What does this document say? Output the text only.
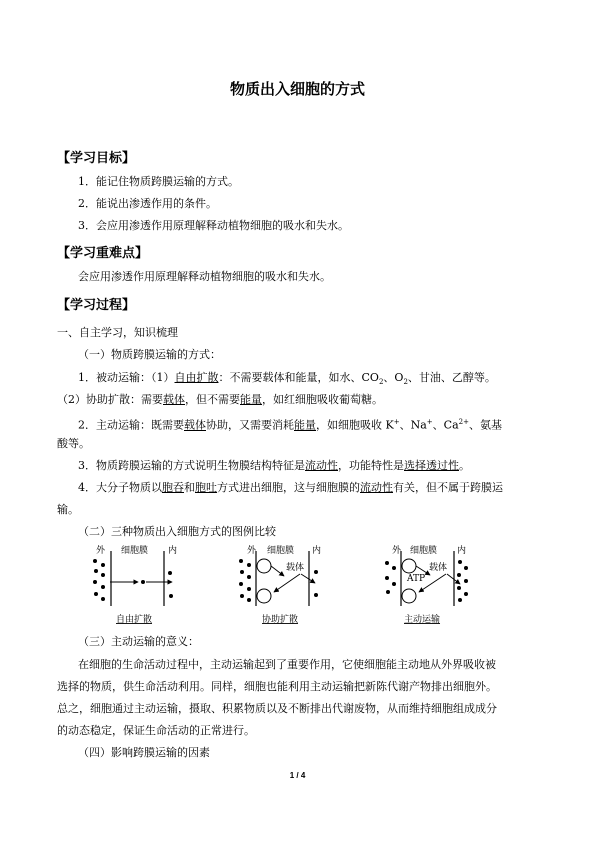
物质出入细胞的方式
【学习目标】
1．能记住物质跨膜运输的方式。
2．能说出渗透作用的条件。
3．会应用渗透作用原理解释动植物细胞的吸水和失水。
【学习重难点】
会应用渗透作用原理解释动植物细胞的吸水和失水。
【学习过程】
一、自主学习，知识梳理
（一）物质跨膜运输的方式：
1．被动运输：（1）自由扩散：不需要载体和能量，如水、$CO_2$、$O_2$、甘油、乙醇等。
（2）协助扩散：需要载体，但不需要能量，如红细胞吸收葡萄糖。
2．主动运输：既需要载体协助，又需要消耗能量，如细胞吸收 K+、Na+、$Ca^{2+}$、氨基
酸等。
3．物质跨膜运输的方式说明生物膜结构特征是流动性，功能特性是选择透过性。
4．大分子物质以胞吞和胞吐方式进出细胞，这与细胞膜的流动性有关，但不属于跨膜运
输。
（二）三种物质出入细胞方式的图例比较
外 细胞膜 内
自由扩散
外 细胞膜 内
载体
协助扩散
外 细胞膜 内
ATP
载体
主动运输
（三）主动运输的意义：
在细胞的生命活动过程中，主动运输起到了重要作用，它使细胞能主动地从外界吸收被
选择的物质，供生命活动利用。同样，细胞也能利用主动运输把新陈代谢产物排出细胞外。
总之，细胞通过主动运输，摄取、积累物质以及不断排出代谢废物，从而维持细胞组成成分
的动态稳定，保证生命活动的正常进行。
（四）影响跨膜运输的因素
1 / 4
